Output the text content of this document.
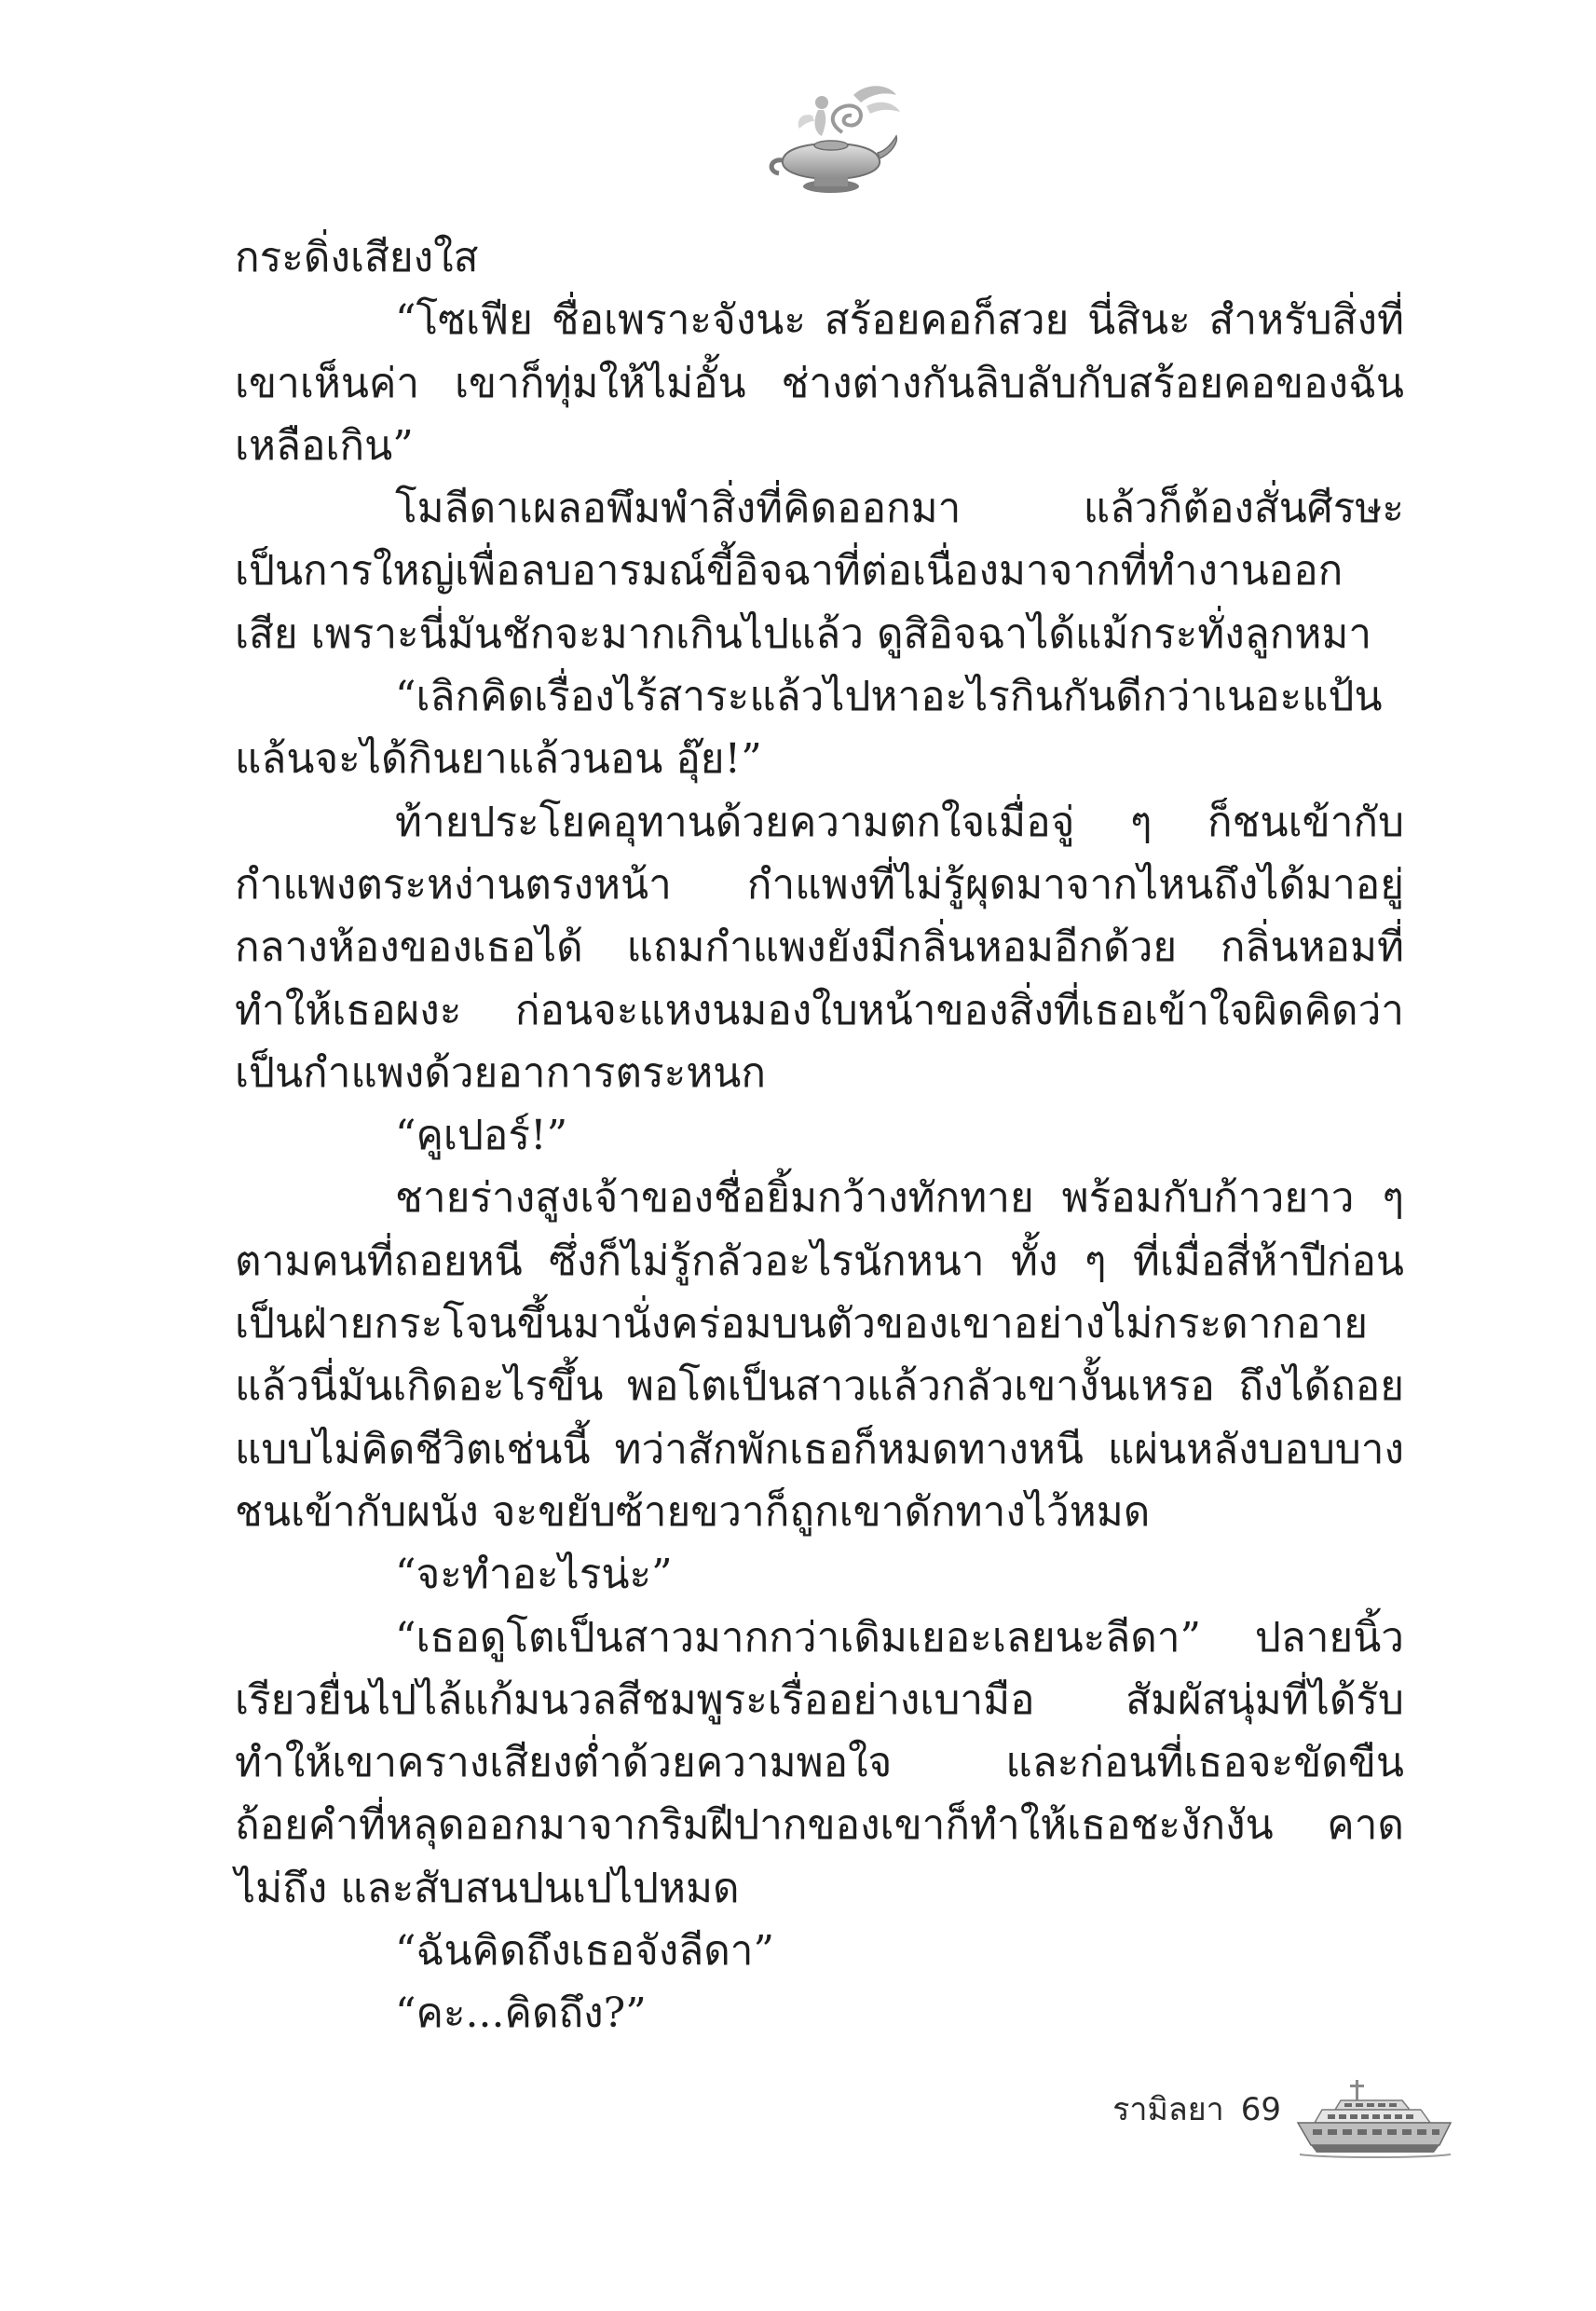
กระดิ่งเสียงใส

“โซเฟีย ชื่อเพราะจังนะ สร้อยคอก็สวย นี่สินะ สำหรับสิ่งที่เขาเห็นค่า เขาก็ทุ่มให้ไม่อั้น ช่างต่างกันลิบลับกับสร้อยคอของฉันเหลือเกิน”

โมลีดาเผลอพึมพำสิ่งที่คิดออกมา แล้วก็ต้องสั่นศีรษะเป็นการใหญ่เพื่อลบอารมณ์ขี้อิจฉาที่ต่อเนื่องมาจากที่ทำงานออกเสีย เพราะนี่มันชักจะมากเกินไปแล้ว ดูสิอิจฉาได้แม้กระทั่งลูกหมา

“เลิกคิดเรื่องไร้สาระแล้วไปหาอะไรกินกันดีกว่าเนอะแป้นแล้นจะได้กินยาแล้วนอน อุ๊ย!”

ท้ายประโยคอุทานด้วยความตกใจเมื่อจู่ ๆ ก็ชนเข้ากับกำแพงตระหง่านตรงหน้า กำแพงที่ไม่รู้ผุดมาจากไหนถึงได้มาอยู่กลางห้องของเธอได้ แถมกำแพงยังมีกลิ่นหอมอีกด้วย กลิ่นหอมที่ทำให้เธอผงะ ก่อนจะแหงนมองใบหน้าของสิ่งที่เธอเข้าใจผิดคิดว่าเป็นกำแพงด้วยอาการตระหนก

“คูเปอร์!”

ชายร่างสูงเจ้าของชื่อยิ้มกว้างทักทาย พร้อมกับก้าวยาว ๆ ตามคนที่ถอยหนี ซึ่งก็ไม่รู้กลัวอะไรนักหนา ทั้ง ๆ ที่เมื่อสี่ห้าปีก่อนเป็นฝ่ายกระโจนขึ้นมานั่งคร่อมบนตัวของเขาอย่างไม่กระดากอาย แล้วนี่มันเกิดอะไรขึ้น พอโตเป็นสาวแล้วกลัวเขางั้นเหรอ ถึงได้ถอยแบบไม่คิดชีวิตเช่นนี้ ทว่าสักพักเธอก็หมดทางหนี แผ่นหลังบอบบางชนเข้ากับผนัง จะขยับซ้ายขวาก็ถูกเขาดักทางไว้หมด

“จะทำอะไรน่ะ”

“เธอดูโตเป็นสาวมากกว่าเดิมเยอะเลยนะลีดา” ปลายนิ้วเรียวยื่นไปไล้แก้มนวลสีชมพูระเรื่ออย่างเบามือ สัมผัสนุ่มที่ได้รับทำให้เขาครางเสียงต่ำด้วยความพอใจ และก่อนที่เธอจะขัดขืน ถ้อยคำที่หลุดออกมาจากริมฝีปากของเขาก็ทำให้เธอชะงักงัน คาดไม่ถึง และสับสนปนเปไปหมด

“ฉันคิดถึงเธอจังลีดา”

“คะ...คิดถึง?”

รามิลยา 69
